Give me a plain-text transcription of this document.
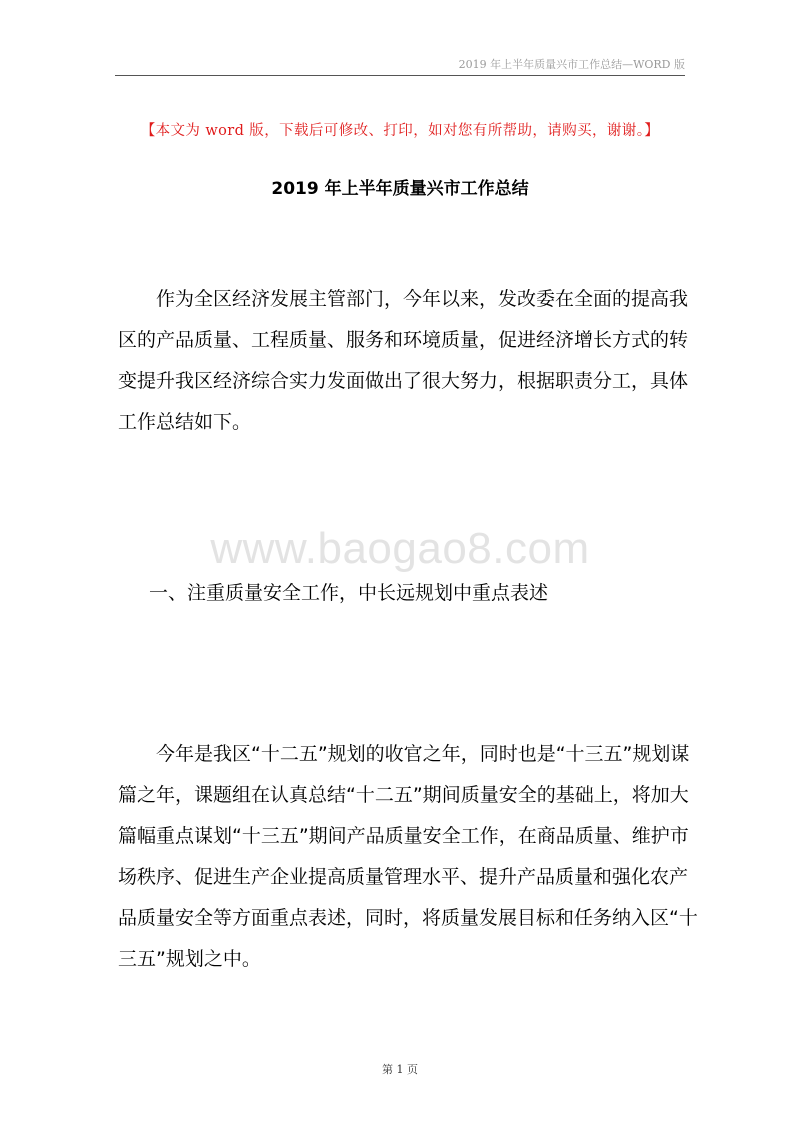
2019 年上半年质量兴市工作总结—WORD 版
【本文为 word 版，下载后可修改、打印，如对您有所帮助，请购买，谢谢。】
2019 年上半年质量兴市工作总结
　　作为全区经济发展主管部门，今年以来，发改委在全面的提高我
区的产品质量、工程质量、服务和环境质量，促进经济增长方式的转
变提升我区经济综合实力发面做出了很大努力，根据职责分工，具体
工作总结如下。
www.baogao8.com
一、注重质量安全工作，中长远规划中重点表述
　　今年是我区“十二五”规划的收官之年，同时也是“十三五”规划谋
篇之年，课题组在认真总结“十二五”期间质量安全的基础上，将加大
篇幅重点谋划“十三五”期间产品质量安全工作，在商品质量、维护市
场秩序、促进生产企业提高质量管理水平、提升产品质量和强化农产
品质量安全等方面重点表述，同时，将质量发展目标和任务纳入区“十
三五”规划之中。
第 1 页
